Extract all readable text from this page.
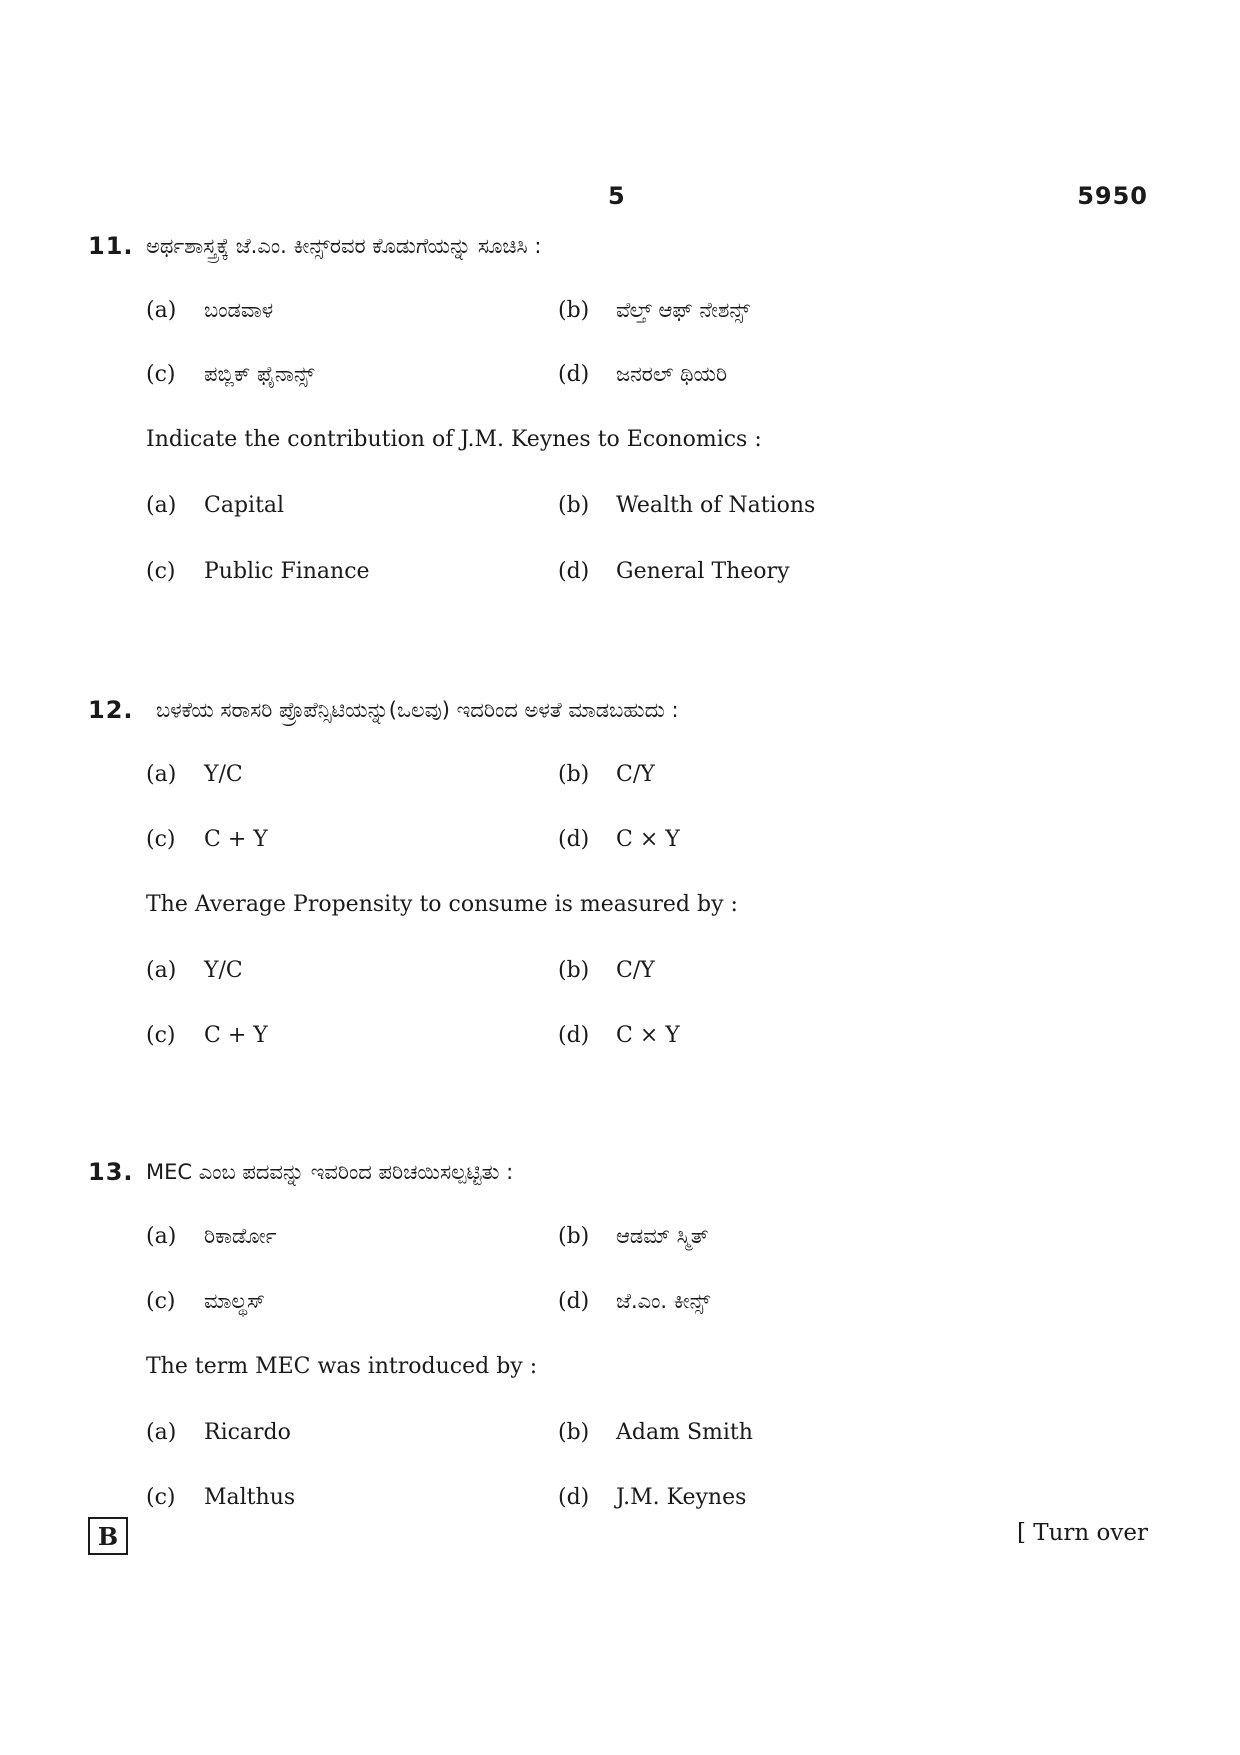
5	5950
11. ಅರ್ಥಶಾಸ್ತ್ರಕ್ಕೆ ಜೆ.ಎಂ. ಕೀನ್ಸ್‌ರವರ ಕೊಡುಗೆಯನ್ನು ಸೂಚಿಸಿ :
(a) ಬಂಡವಾಳ	(b) ವೆಲ್ತ್ ಆಫ್ ನೇಶನ್ಸ್
(c) ಪಬ್ಲಿಕ್ ಫೈನಾನ್ಸ್	(d) ಜನರಲ್ ಥಿಯರಿ
Indicate the contribution of J.M. Keynes to Economics :
(a) Capital	(b) Wealth of Nations
(c) Public Finance	(d) General Theory
12. ಬಳಕೆಯ ಸರಾಸರಿ ಪ್ರೊಪೆನ್ಸಿಟಿಯನ್ನು(ಒಲವು) ಇದರಿಂದ ಅಳತೆ ಮಾಡಬಹುದು :
(a) Y/C	(b) C/Y
(c) C + Y	(d) C × Y
The Average Propensity to consume is measured by :
(a) Y/C	(b) C/Y
(c) C + Y	(d) C × Y
13. MEC ಎಂಬ ಪದವನ್ನು ಇವರಿಂದ ಪರಿಚಯಿಸಲ್ಪಟ್ಟಿತು :
(a) ರಿಕಾರ್ಡೋ	(b) ಆಡಮ್ ಸ್ಮಿತ್
(c) ಮಾಲ್ಥಸ್	(d) ಜೆ.ಎಂ. ಕೀನ್ಸ್
The term MEC was introduced by :
(a) Ricardo	(b) Adam Smith
(c) Malthus	(d) J.M. Keynes
B	[ Turn over
